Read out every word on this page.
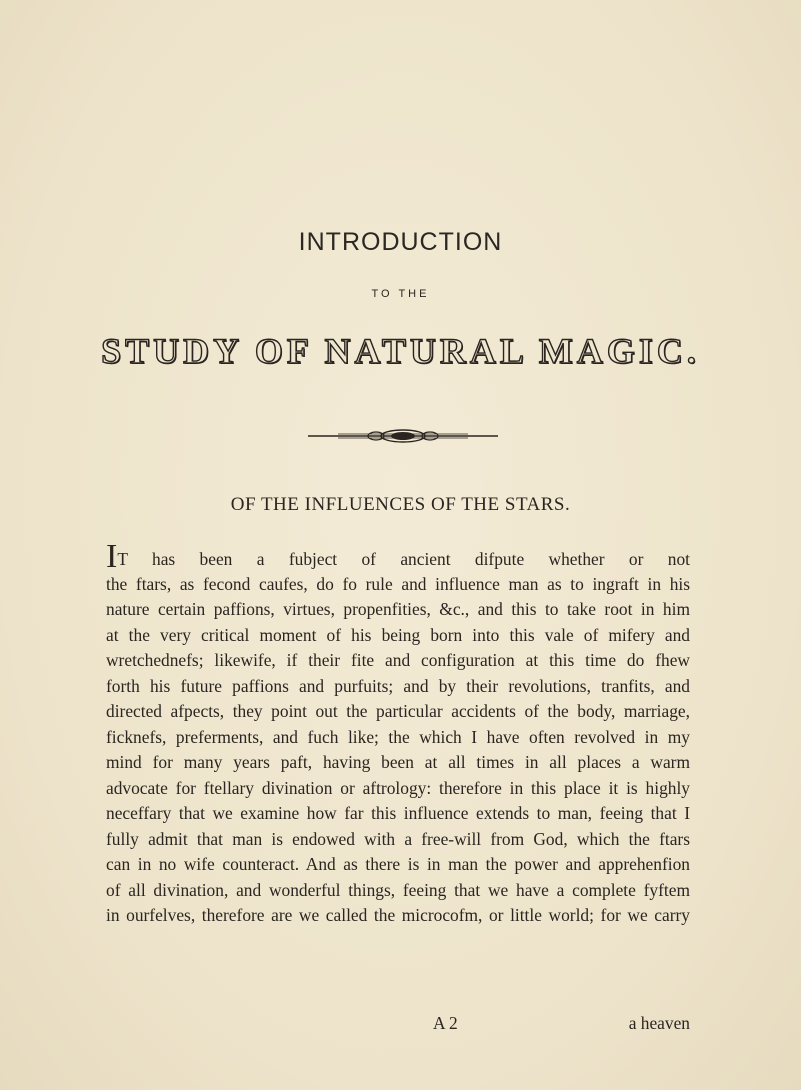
INTRODUCTION
TO THE
STUDY OF NATURAL MAGIC.
OF THE INFLUENCES OF THE STARS.
IT has been a fubject of ancient difpute whether or not
the ftars, as fecond caufes, do fo rule and influence man as to ingraft in his
nature certain paffions, virtues, propenfities, &c., and this to take root in him
at the very critical moment of his being born into this vale of mifery and
wretchednefs; likewife, if their fite and configuration at this time do fhew
forth his future paffions and purfuits; and by their revolutions, tranfits, and
directed afpects, they point out the particular accidents of the body, marriage,
ficknefs, preferments, and fuch like; the which I have often revolved in my
mind for many years paft, having been at all times in all places a warm
advocate for ftellary divination or aftrology: therefore in this place it is highly
neceffary that we examine how far this influence extends to man, feeing that I
fully admit that man is endowed with a free-will from God, which the ftars
can in no wife counteract. And as there is in man the power and apprehenfion
of all divination, and wonderful things, feeing that we have a complete fyftem
in ourfelves, therefore are we called the microcofm, or little world; for we carry
A 2	a heaven
